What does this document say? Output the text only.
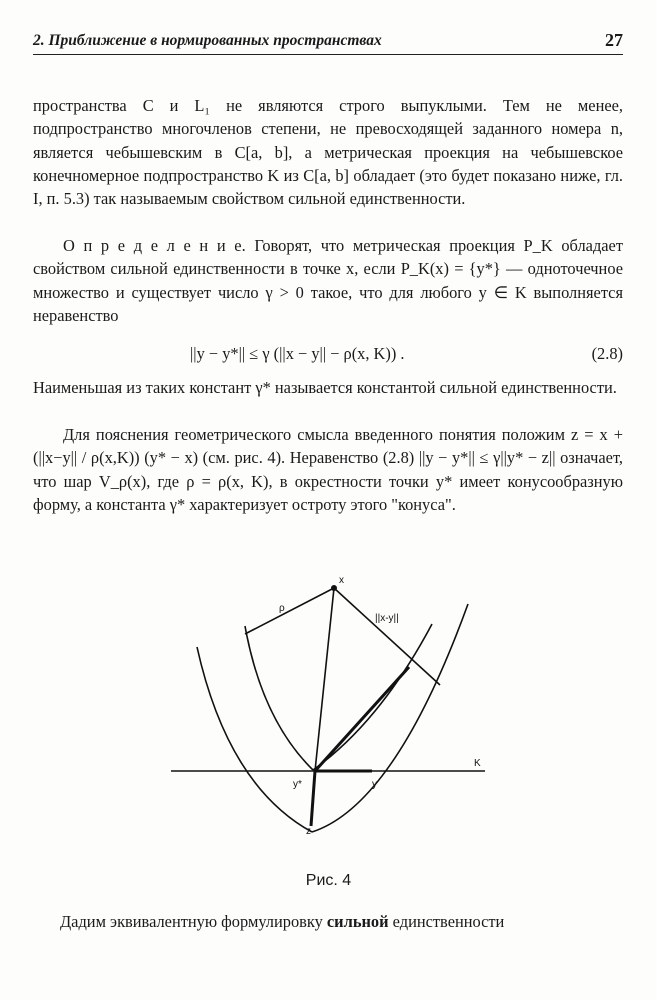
2. Приближение в нормированных пространствах	27

пространства C и L₁ не являются строго выпуклыми. Тем не менее, подпространство многочленов степени, не превосходящей заданного номера n, является чебышевским в C[a, b], а метрическая проекция на чебышевское конечномерное подпространство K из C[a, b] обладает (это будет показано ниже, гл. I, п. 5.3) так называемым свойством сильной единственности.

О п р е д е л е н и е. Говорят, что метрическая проекция P_K обладает свойством сильной единственности в точке x, если P_K(x) = {y*} — одноточечное множество и существует число γ > 0 такое, что для любого y ∈ K выполняется неравенство

||y − y*|| ≤ γ (||x − y|| − ρ(x, K)) .	(2.8)

Наименьшая из таких констант γ* называется константой сильной единственности.

Для пояснения геометрического смысла введенного понятия положим z = x + (||x−y|| / ρ(x,K)) (y* − x) (см. рис. 4). Неравенство (2.8) ||y − y*|| ≤ γ||y* − z|| означает, что шар V_ρ(x), где ρ = ρ(x, K), в окрестности точки y* имеет конусообразную форму, а константа γ* характеризует остроту этого "конуса".

x
ρ
||x-y||
K
y*	y
z
Рис. 4
Дадим эквивалентную формулировку сильной единственности
